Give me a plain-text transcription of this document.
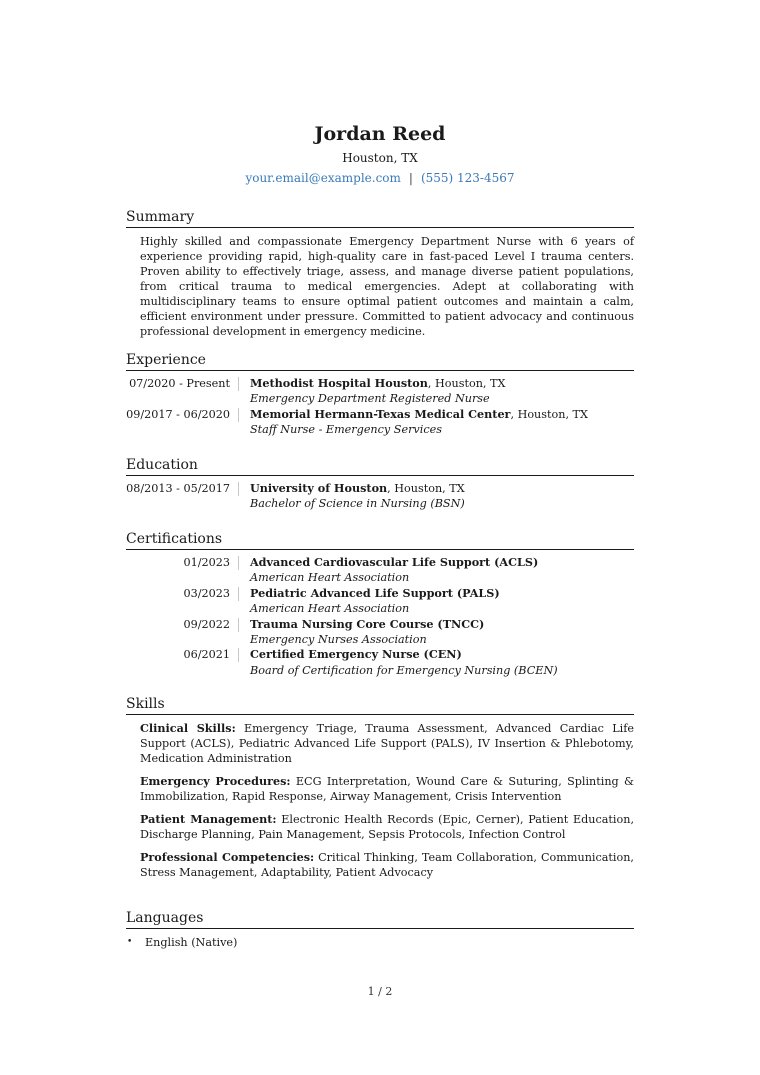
Jordan Reed
Houston, TX
your.email@example.com | (555) 123-4567
Summary

Highly skilled and compassionate Emergency Department Nurse with 6 years of experience providing rapid, high-quality care in fast-paced Level I trauma centers. Proven ability to effectively triage, assess, and manage diverse patient populations, from critical trauma to medical emergencies. Adept at collaborating with multidisciplinary teams to ensure optimal patient outcomes and maintain a calm, efficient environment under pressure. Committed to patient advocacy and continuous professional development in emergency medicine.

Experience
07/2020 - Present	Methodist Hospital Houston, Houston, TX
Emergency Department Registered Nurse
09/2017 - 06/2020	Memorial Hermann-Texas Medical Center, Houston, TX
Staff Nurse - Emergency Services
Education
08/2013 - 05/2017	University of Houston, Houston, TX
Bachelor of Science in Nursing (BSN)
Certifications
01/2023	Advanced Cardiovascular Life Support (ACLS)
American Heart Association
03/2023	Pediatric Advanced Life Support (PALS)
American Heart Association
09/2022	Trauma Nursing Core Course (TNCC)
Emergency Nurses Association
06/2021	Certified Emergency Nurse (CEN)
Board of Certification for Emergency Nursing (BCEN)
Skills

Clinical Skills: Emergency Triage, Trauma Assessment, Advanced Cardiac Life Support (ACLS), Pediatric Advanced Life Support (PALS), IV Insertion & Phlebotomy, Medication Administration

Emergency Procedures: ECG Interpretation, Wound Care & Suturing, Splinting & Immobilization, Rapid Response, Airway Management, Crisis Intervention

Patient Management: Electronic Health Records (Epic, Cerner), Patient Education, Discharge Planning, Pain Management, Sepsis Protocols, Infection Control

Professional Competencies: Critical Thinking, Team Collaboration, Communication, Stress Management, Adaptability, Patient Advocacy

Languages
•	English (Native)
1 / 2
